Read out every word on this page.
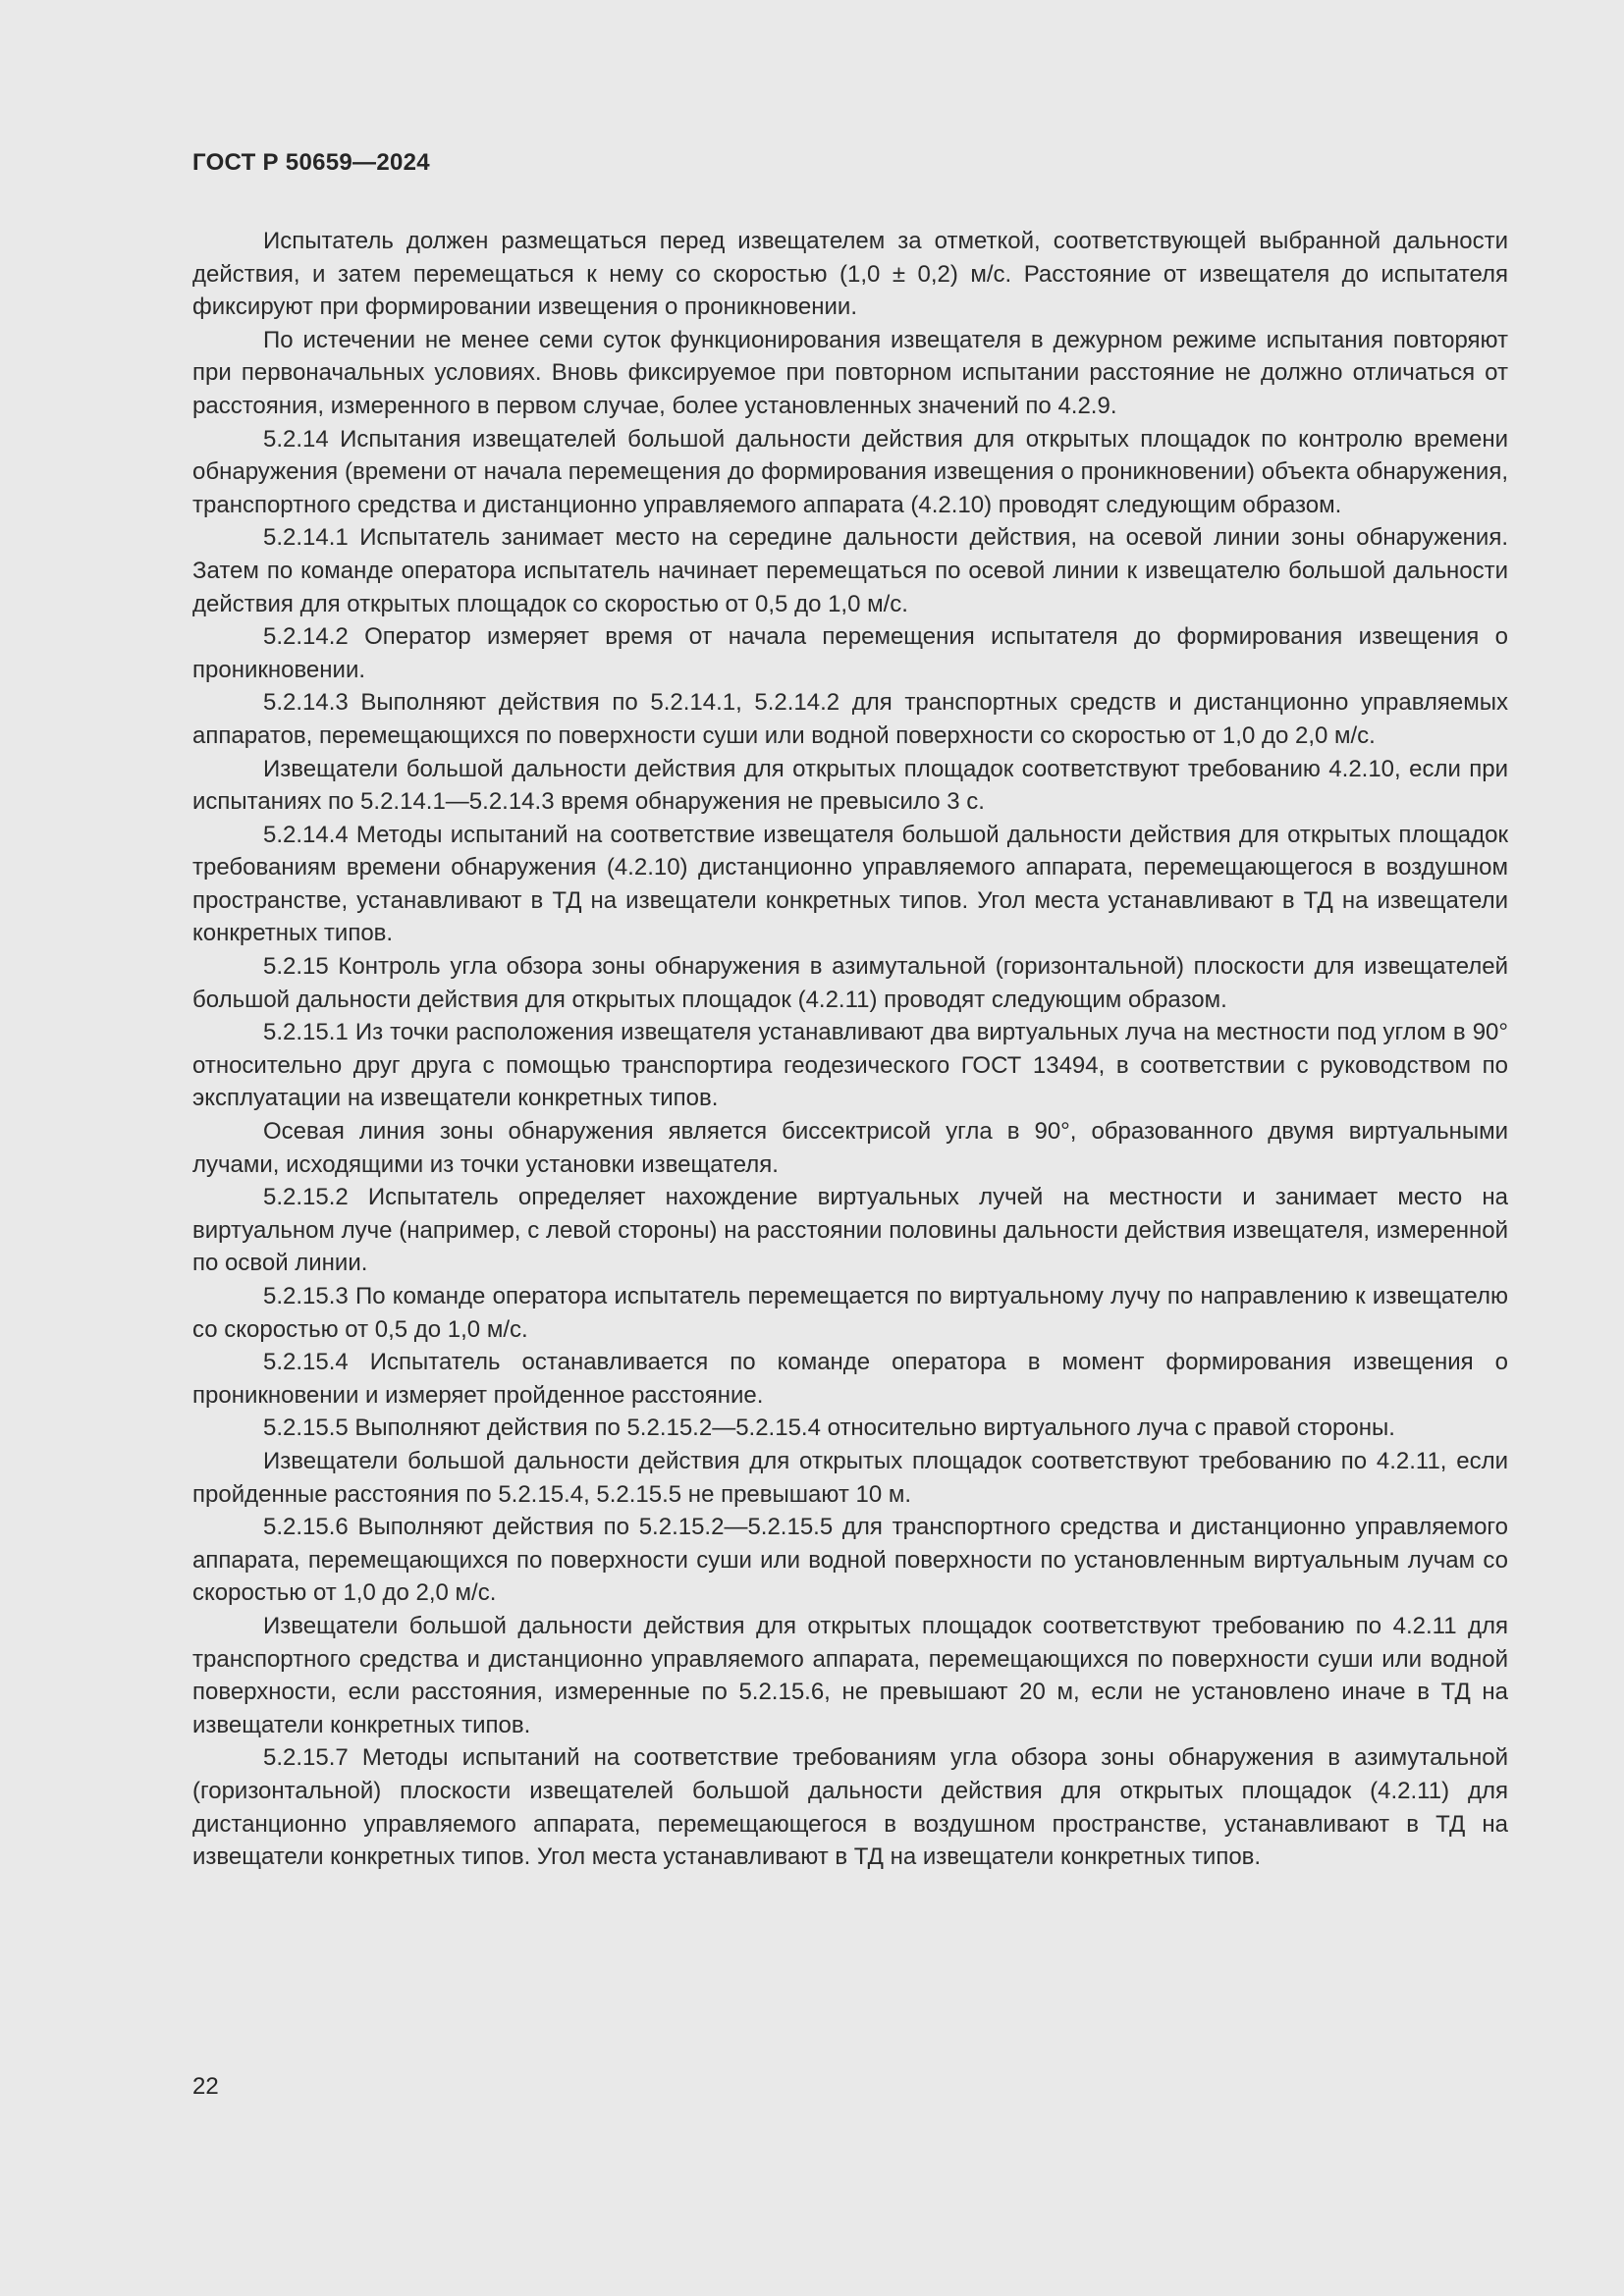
ГОСТ Р 50659—2024

Испытатель должен размещаться перед извещателем за отметкой, соответствующей выбранной дальности действия, и затем перемещаться к нему со скоростью (1,0 ± 0,2) м/с. Расстояние от извещателя до испытателя фиксируют при формировании извещения о проникновении.

По истечении не менее семи суток функционирования извещателя в дежурном режиме испытания повторяют при первоначальных условиях. Вновь фиксируемое при повторном испытании расстояние не должно отличаться от расстояния, измеренного в первом случае, более установленных значений по 4.2.9.

5.2.14 Испытания извещателей большой дальности действия для открытых площадок по контролю времени обнаружения (времени от начала перемещения до формирования извещения о проникновении) объекта обнаружения, транспортного средства и дистанционно управляемого аппарата (4.2.10) проводят следующим образом.

5.2.14.1 Испытатель занимает место на середине дальности действия, на осевой линии зоны обнаружения. Затем по команде оператора испытатель начинает перемещаться по осевой линии к извещателю большой дальности действия для открытых площадок со скоростью от 0,5 до 1,0 м/с.

5.2.14.2 Оператор измеряет время от начала перемещения испытателя до формирования извещения о проникновении.

5.2.14.3 Выполняют действия по 5.2.14.1, 5.2.14.2 для транспортных средств и дистанционно управляемых аппаратов, перемещающихся по поверхности суши или водной поверхности со скоростью от 1,0 до 2,0 м/с.

Извещатели большой дальности действия для открытых площадок соответствуют требованию 4.2.10, если при испытаниях по 5.2.14.1—5.2.14.3 время обнаружения не превысило 3 с.

5.2.14.4 Методы испытаний на соответствие извещателя большой дальности действия для открытых площадок требованиям времени обнаружения (4.2.10) дистанционно управляемого аппарата, перемещающегося в воздушном пространстве, устанавливают в ТД на извещатели конкретных типов. Угол места устанавливают в ТД на извещатели конкретных типов.

5.2.15 Контроль угла обзора зоны обнаружения в азимутальной (горизонтальной) плоскости для извещателей большой дальности действия для открытых площадок (4.2.11) проводят следующим образом.

5.2.15.1 Из точки расположения извещателя устанавливают два виртуальных луча на местности под углом в 90° относительно друг друга с помощью транспортира геодезического ГОСТ 13494, в соответствии с руководством по эксплуатации на извещатели конкретных типов.

Осевая линия зоны обнаружения является биссектрисой угла в 90°, образованного двумя виртуальными лучами, исходящими из точки установки извещателя.

5.2.15.2 Испытатель определяет нахождение виртуальных лучей на местности и занимает место на виртуальном луче (например, с левой стороны) на расстоянии половины дальности действия извещателя, измеренной по освой линии.

5.2.15.3 По команде оператора испытатель перемещается по виртуальному лучу по направлению к извещателю со скоростью от 0,5 до 1,0 м/с.

5.2.15.4 Испытатель останавливается по команде оператора в момент формирования извещения о проникновении и измеряет пройденное расстояние.

5.2.15.5 Выполняют действия по 5.2.15.2—5.2.15.4 относительно виртуального луча с правой стороны.

Извещатели большой дальности действия для открытых площадок соответствуют требованию по 4.2.11, если пройденные расстояния по 5.2.15.4, 5.2.15.5 не превышают 10 м.

5.2.15.6 Выполняют действия по 5.2.15.2—5.2.15.5 для транспортного средства и дистанционно управляемого аппарата, перемещающихся по поверхности суши или водной поверхности по установленным виртуальным лучам со скоростью от 1,0 до 2,0 м/с.

Извещатели большой дальности действия для открытых площадок соответствуют требованию по 4.2.11 для транспортного средства и дистанционно управляемого аппарата, перемещающихся по поверхности суши или водной поверхности, если расстояния, измеренные по 5.2.15.6, не превышают 20 м, если не установлено иначе в ТД на извещатели конкретных типов.

5.2.15.7 Методы испытаний на соответствие требованиям угла обзора зоны обнаружения в азимутальной (горизонтальной) плоскости извещателей большой дальности действия для открытых площадок (4.2.11) для дистанционно управляемого аппарата, перемещающегося в воздушном пространстве, устанавливают в ТД на извещатели конкретных типов. Угол места устанавливают в ТД на извещатели конкретных типов.

22
